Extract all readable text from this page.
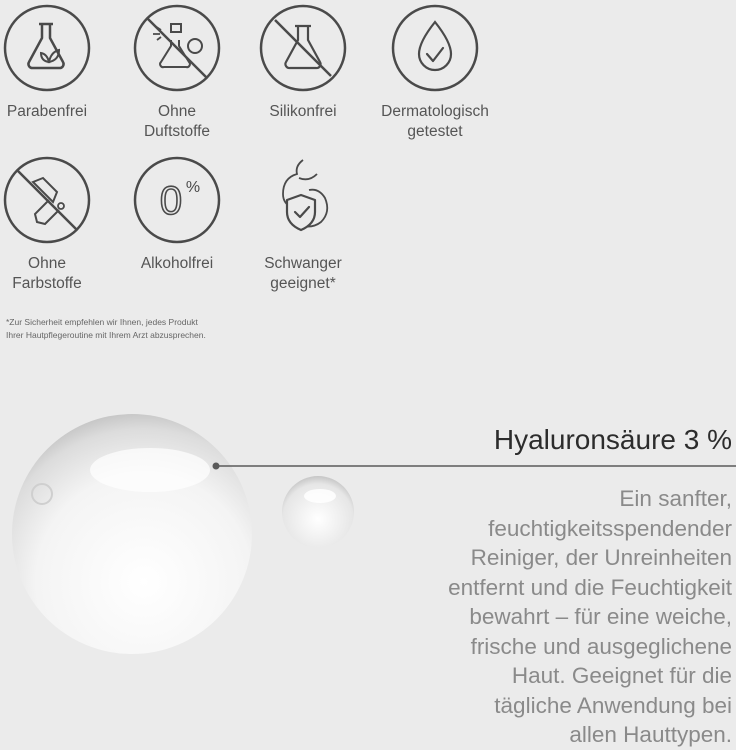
Parabenfrei	Ohne
Duftstoffe
Silikonfrei	Dermatologisch
getestet
Ohne
Farbstoffe
0 %
Alkoholfrei	Schwanger
geeignet*
*Zur Sicherheit empfehlen wir Ihnen, jedes Produkt
Ihrer Hautpflegeroutine mit Ihrem Arzt abzusprechen.
Hyaluronsäure 3 %
Ein sanfter,
feuchtigkeitsspendender
Reiniger, der Unreinheiten
entfernt und die Feuchtigkeit
bewahrt – für eine weiche,
frische und ausgeglichene
Haut. Geeignet für die
tägliche Anwendung bei
allen Hauttypen.
